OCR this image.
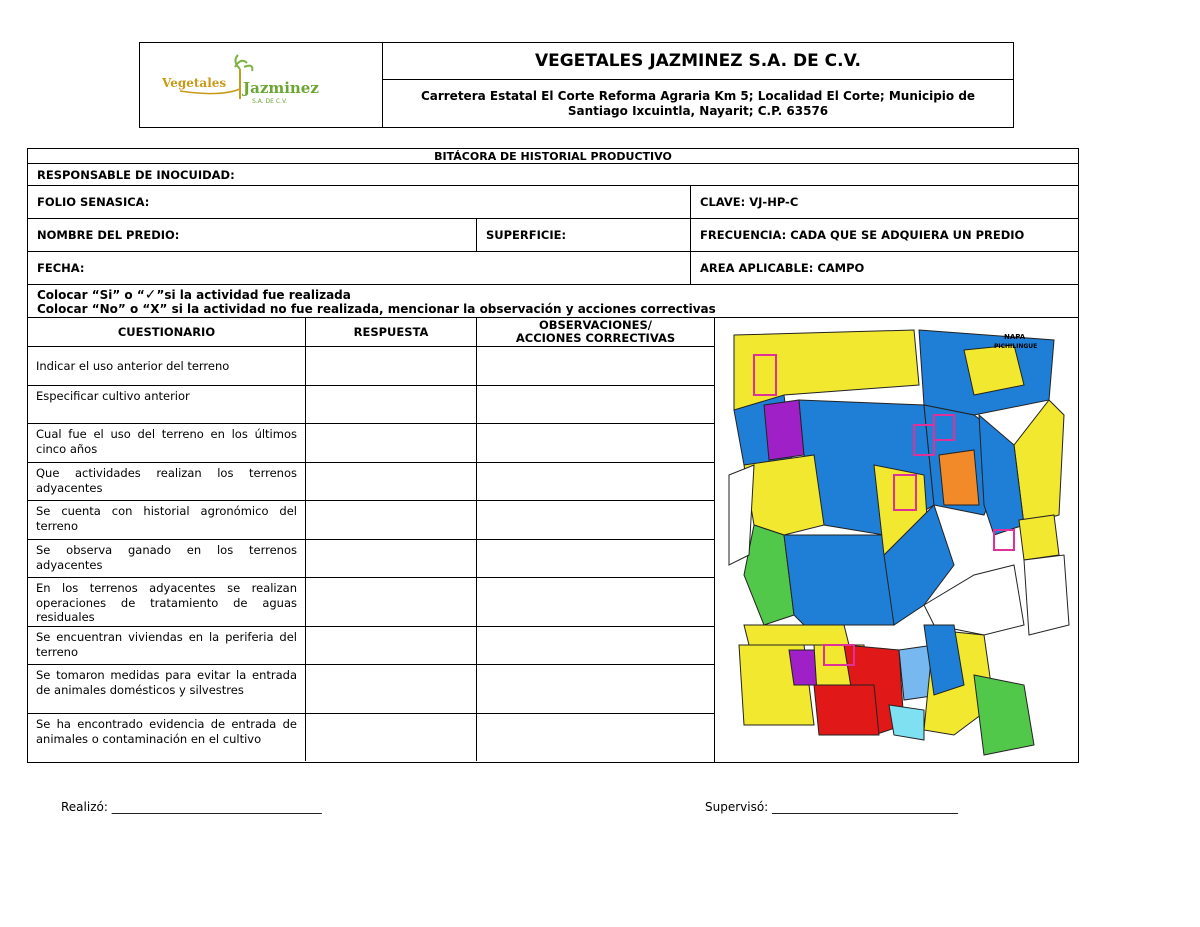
Vegetales Jazminez
S.A. DE C.V.
VEGETALES JAZMINEZ S.A. DE C.V.
Carretera Estatal El Corte Reforma Agraria Km 5; Localidad El Corte; Municipio de
Santiago Ixcuintla, Nayarit; C.P. 63576
BITÁCORA DE HISTORIAL PRODUCTIVO
RESPONSABLE DE INOCUIDAD:
FOLIO SENASICA:	CLAVE: VJ-HP-C
NOMBRE DEL PREDIO:	SUPERFICIE:	FRECUENCIA: CADA QUE SE ADQUIERA UN PREDIO
FECHA:	AREA APLICABLE: CAMPO
Colocar “Si” o “✓”si la actividad fue realizada
Colocar “No” o “X” si la actividad no fue realizada, mencionar la observación y acciones correctivas
CUESTIONARIO	RESPUESTA	OBSERVACIONES/
ACCIONES CORRECTIVAS
Indicar el uso anterior del terreno
Especificar cultivo anterior
Cual fue el uso del terreno en los últimos cinco años
Que actividades realizan los terrenos adyacentes
Se cuenta con historial agronómico del terreno
Se observa ganado en los terrenos adyacentes
En los terrenos adyacentes se realizan operaciones de tratamiento de aguas residuales
Se encuentran viviendas en la periferia del terreno
Se tomaron medidas para evitar la entrada de animales domésticos y silvestres
Se ha encontrado evidencia de entrada de animales o contaminación en el cultivo
NAPA
PICHILINGUE
Realizó: ___________________________________	Supervisó: _______________________________
